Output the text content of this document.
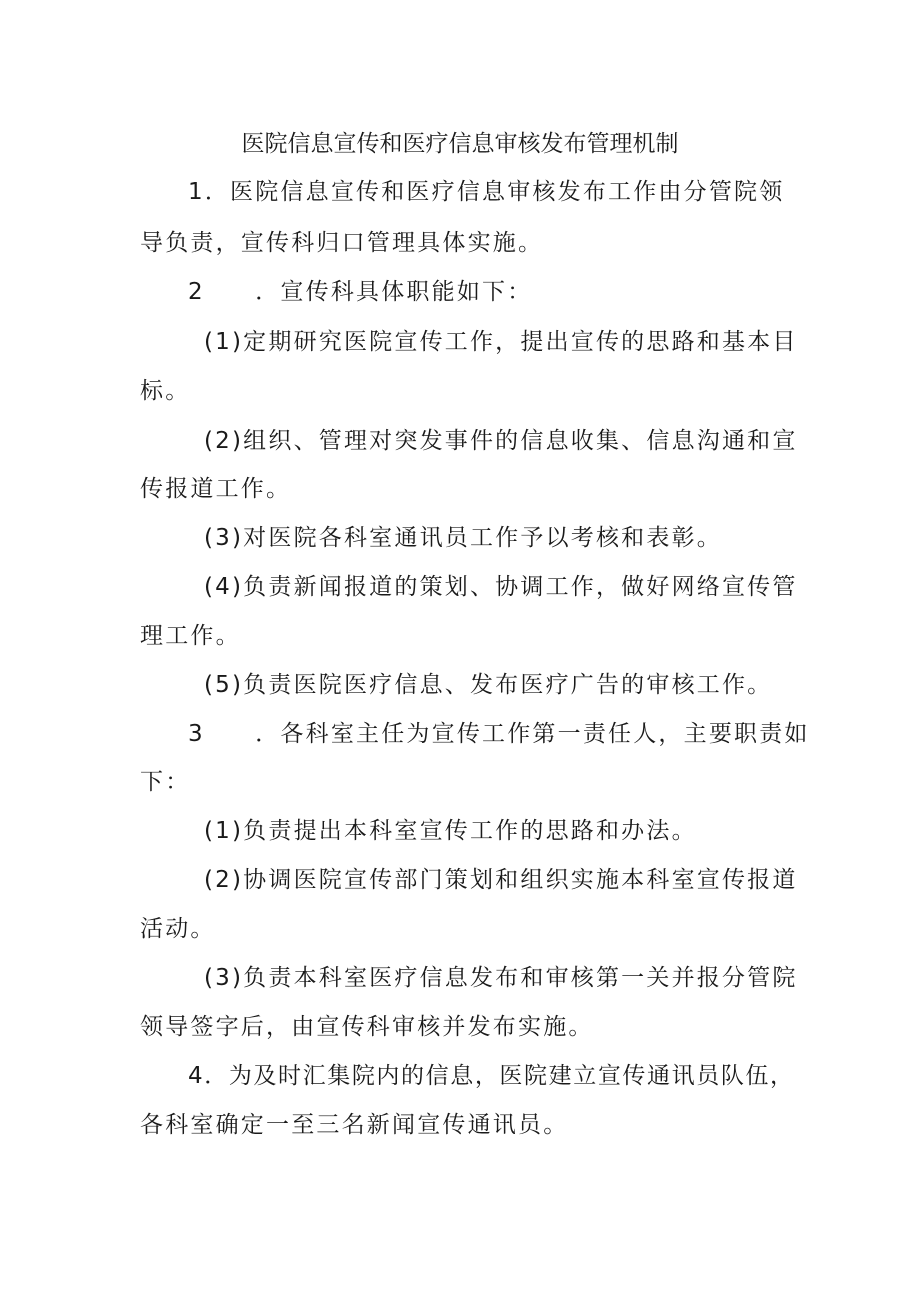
医院信息宣传和医疗信息审核发布管理机制
1．医院信息宣传和医疗信息审核发布工作由分管院领
导负责，宣传科归口管理具体实施。
2　　．宣传科具体职能如下：
(1)定期研究医院宣传工作，提出宣传的思路和基本目
标。
(2)组织、管理对突发事件的信息收集、信息沟通和宣
传报道工作。
(3)对医院各科室通讯员工作予以考核和表彰。
(4)负责新闻报道的策划、协调工作，做好网络宣传管
理工作。
(5)负责医院医疗信息、发布医疗广告的审核工作。
3　　．各科室主任为宣传工作第一责任人，主要职责如
下：
(1)负责提出本科室宣传工作的思路和办法。
(2)协调医院宣传部门策划和组织实施本科室宣传报道
活动。
(3)负责本科室医疗信息发布和审核第一关并报分管院
领导签字后，由宣传科审核并发布实施。
4．为及时汇集院内的信息，医院建立宣传通讯员队伍，
各科室确定一至三名新闻宣传通讯员。
